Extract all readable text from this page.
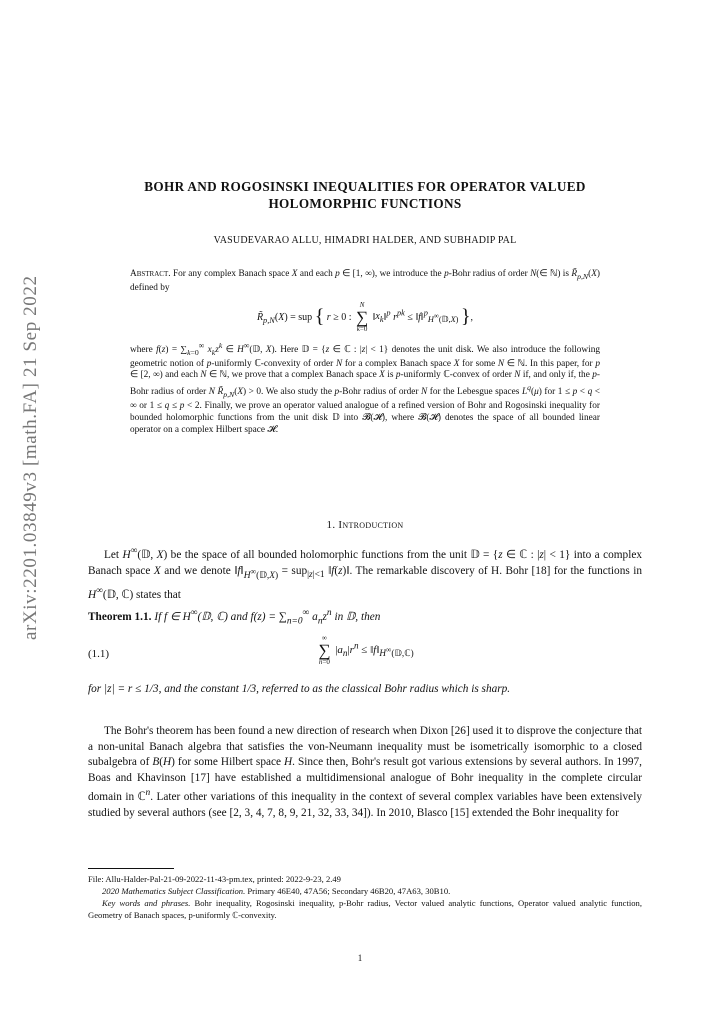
arXiv:2201.03849v3 [math.FA] 21 Sep 2022
BOHR AND ROGOSINSKI INEQUALITIES FOR OPERATOR VALUED
HOLOMORPHIC FUNCTIONS
VASUDEVARAO ALLU, HIMADRI HALDER, AND SUBHADIP PAL

Abstract. For any complex Banach space X and each p ∈ [1, ∞), we introduce the p-Bohr radius of order N(∈ ℕ) is $R̃_{p,N}(X)$ defined by

$R̃_{p,N}(X)$ = sup { r ≥ 0 :
N
∑
k=0
$‖x_k‖^p$ $r^{pk}$ ≤ ‖f‖$^p_{H^\infty(𝔻,X)}$ },

where $f(z) = \sum_{k=0}^\infty$ $x_kz^k$ ∈ H∞(𝔻, X). Here 𝔻 = {z ∈ ℂ : |z| < 1} denotes the unit disk. We also introduce the following geometric notion of p-uniformly ℂ-convexity of order N for a complex Banach space X for some N ∈ ℕ. In this paper, for p ∈ [2, ∞) and each N ∈ ℕ, we prove that a complex Banach space X is p-uniformly ℂ-convex of order N if, and only if, the p-Bohr radius of order N $R̃_{p,N}(X) > 0$. We also study the p-Bohr radius of order N for the Lebesgue spaces $L^q(\mu)$ for 1 ≤ p < q < ∞ or 1 ≤ q ≤ p < 2. Finally, we prove an operator valued analogue of a refined version of Bohr and Rogosinski inequality for bounded holomorphic functions from the unit disk 𝔻 into 𝓑(𝓗), where 𝓑(𝓗) denotes the space of all bounded linear operator on a complex Hilbert space 𝓗.

1. Introduction

Let H∞(𝔻, X) be the space of all bounded holomorphic functions from the unit 𝔻 = {z ∈ ℂ : |z| < 1} into a complex Banach space X and we denote $‖f‖_{H^\infty(𝔻,X)} = sup_{|z|<1}$ ‖f(z)‖. The remarkable discovery of H. Bohr [18] for the functions in H∞(𝔻, ℂ) states that

Theorem 1.1. If f ∈ H∞(𝔻, ℂ) and $f(z) = \sum_{n=0}^\infty$ $a_nz^n$ in 𝔻, then

(1.1)
∞
∑
n=0
$|a_n|r^n$ ≤ $‖f‖_{H^\infty(𝔻,ℂ)}$

for |z| = r ≤ 1/3, and the constant 1/3, referred to as the classical Bohr radius which is sharp.

The Bohr's theorem has been found a new direction of research when Dixon [26] used it to disprove the conjecture that a non-unital Banach algebra that satisfies the von-Neumann inequality must be isometrically isomorphic to a closed subalgebra of B(H) for some Hilbert space H. Since then, Bohr's result got various extensions by several authors. In 1997, Boas and Khavinson [17] have established a multidimensional analogue of Bohr inequality in the complete circular domain in ℂ$^n$. Later other variations of this inequality in the context of several complex variables have been extensively studied by several authors (see [2, 3, 4, 7, 8, 9, 21, 32, 33, 34]). In 2010, Blasco [15] extended the Bohr inequality for

File: Allu-Halder-Pal-21-09-2022-11-43-pm.tex, printed: 2022-9-23, 2.49

2020 Mathematics Subject Classification. Primary 46E40, 47A56; Secondary 46B20, 47A63, 30B10.

Key words and phrases. Bohr inequality, Rogosinski inequality, p-Bohr radius, Vector valued analytic functions, Operator valued analytic function, Geometry of Banach spaces, p-uniformly ℂ-convexity.

1
